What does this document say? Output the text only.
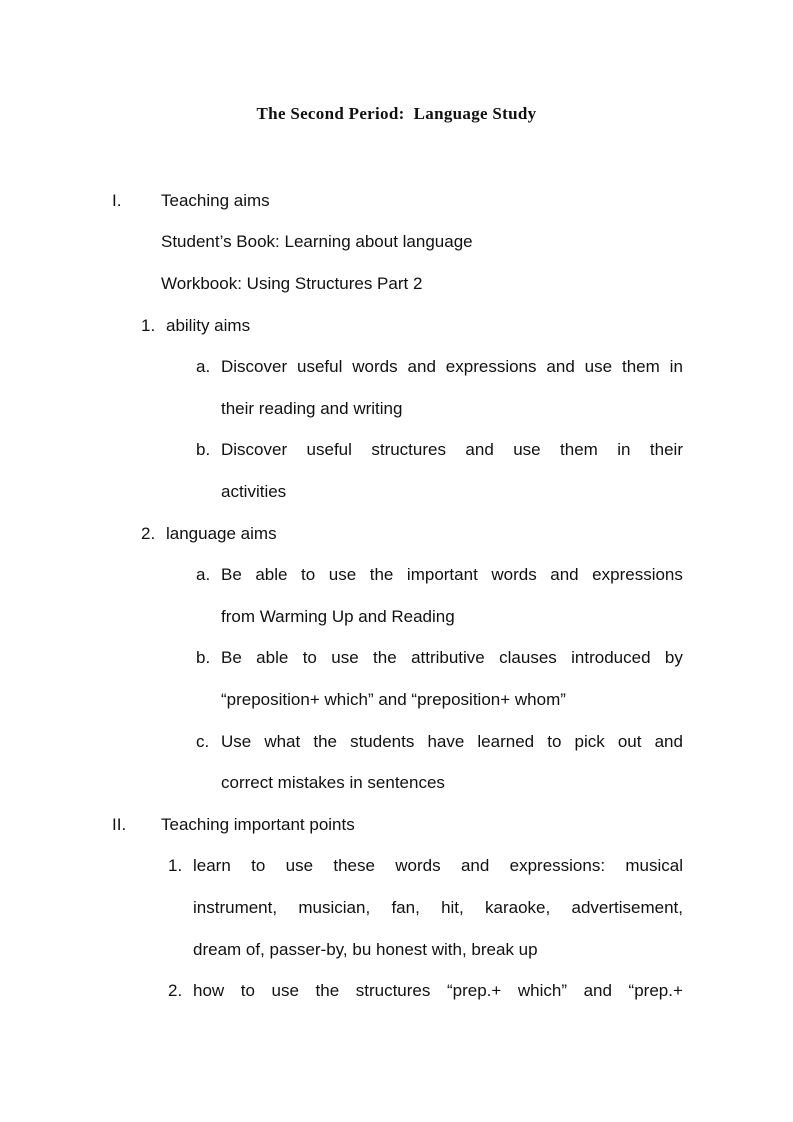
The Second Period:  Language Study
I. Teaching aims
Student’s Book: Learning about language
Workbook: Using Structures Part 2
1. ability aims
a. Discover useful words and expressions and use them in
their reading and writing
b. Discover useful structures and use them in their
activities
2. language aims
a. Be able to use the important words and expressions
from Warming Up and Reading
b. Be able to use the attributive clauses introduced by
“preposition+ which” and “preposition+ whom”
c. Use what the students have learned to pick out and
correct mistakes in sentences
II. Teaching important points
1. learn to use these words and expressions: musical
instrument, musician, fan, hit, karaoke, advertisement,
dream of, passer-by, bu honest with, break up
2. how to use the structures “prep.+ which” and “prep.+
